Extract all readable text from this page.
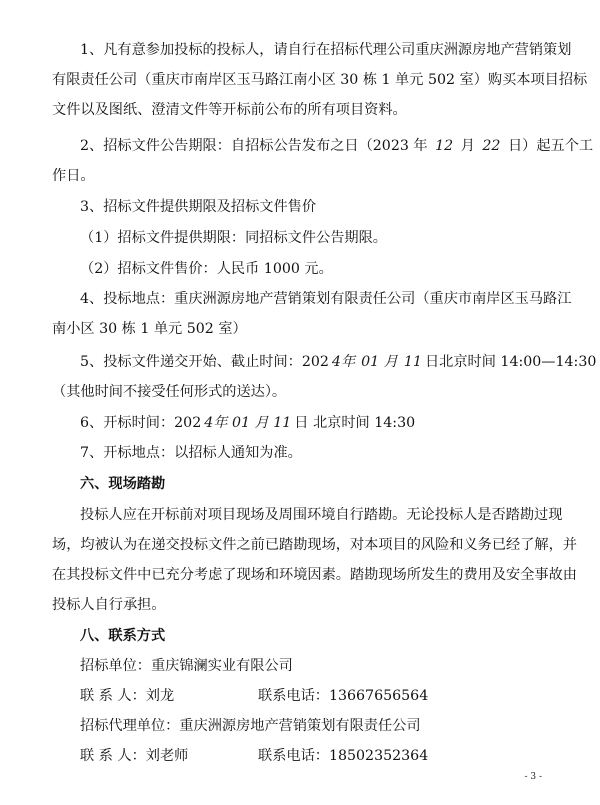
1、凡有意参加投标的投标人，请自行在招标代理公司重庆洲源房地产营销策划
有限责任公司（重庆市南岸区玉马路江南小区 30 栋 1 单元 502 室）购买本项目招标
文件以及图纸、澄清文件等开标前公布的所有项目资料。
2、招标文件公告期限：自招标公告发布之日（2023 年 12 月 22 日）起五个工
作日。
3、招标文件提供期限及招标文件售价
（1）招标文件提供期限：同招标文件公告期限。
（2）招标文件售价：人民币 1000 元。
4、投标地点：重庆洲源房地产营销策划有限责任公司（重庆市南岸区玉马路江
南小区 30 栋 1 单元 502 室）
5、投标文件递交开始、截止时间：202 4年 01 月 11 日北京时间 14:00—14:30
（其他时间不接受任何形式的送达）。
6、开标时间：202 4年 01 月 11 日 北京时间 14:30
7、开标地点：以招标人通知为准。
六、现场踏勘
投标人应在开标前对项目现场及周围环境自行踏勘。无论投标人是否踏勘过现
场，均被认为在递交投标文件之前已踏勘现场，对本项目的风险和义务已经了解，并
在其投标文件中已充分考虑了现场和环境因素。踏勘现场所发生的费用及安全事故由
投标人自行承担。
八、联系方式
招标单位：重庆锦澜实业有限公司
联 系 人：刘龙	联系电话：13667656564
招标代理单位：重庆洲源房地产营销策划有限责任公司
联 系 人：刘老师	联系电话：18502352364
- 3 -
